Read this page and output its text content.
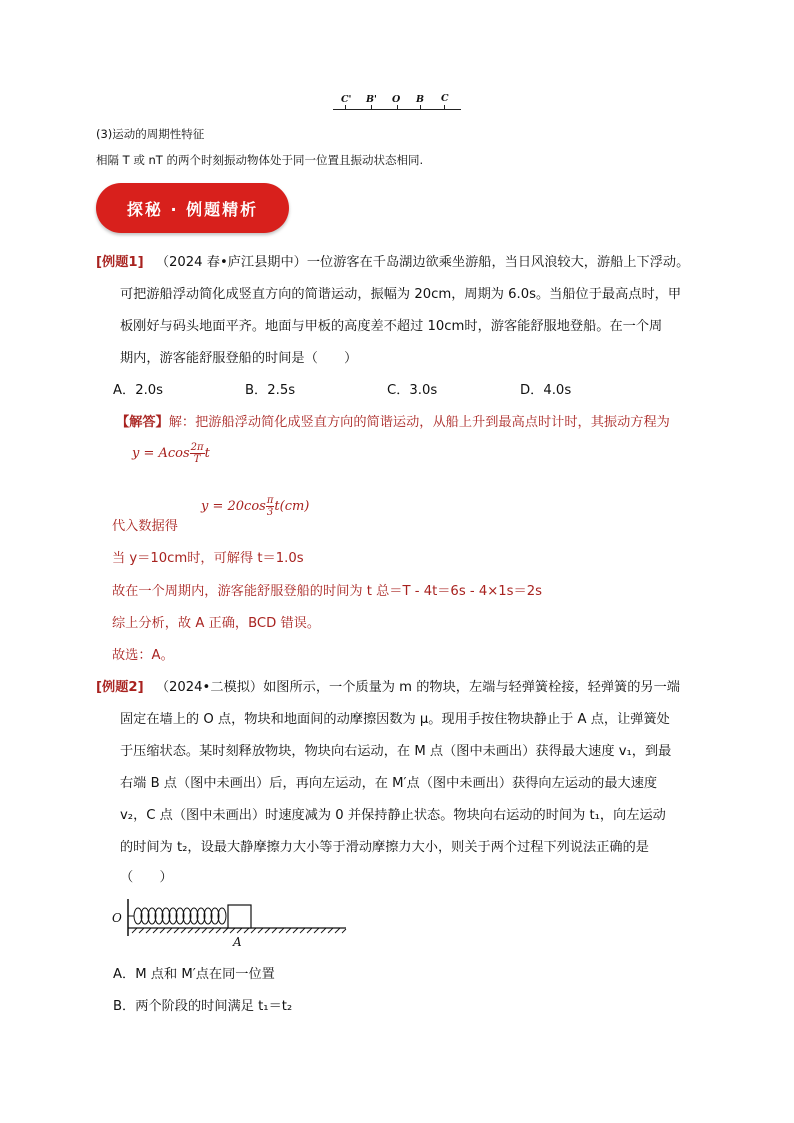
C' B' O B C
(3)运动的周期性特征
相隔 T 或 nT 的两个时刻振动物体处于同一位置且振动状态相同.
探秘 · 例题精析
[例题1] （2024 春•庐江县期中）一位游客在千岛湖边欲乘坐游船，当日风浪较大，游船上下浮动。
可把游船浮动简化成竖直方向的简谐运动，振幅为 20cm，周期为 6.0s。当船位于最高点时，甲
板刚好与码头地面平齐。地面与甲板的高度差不超过 10cm时，游客能舒服地登船。在一个周
期内，游客能舒服登船的时间是（　　）
A．2.0s	B．2.5s	C．3.0s	D．4.0s
【解答】解：把游船浮动简化成竖直方向的简谐运动，从船上升到最高点时计时，其振动方程为
y = Acos $\frac{2\pi}{T}$ t
$y = 20\cos \frac{\pi}{3} t(cm)$
代入数据得
当 y＝10cm时，可解得 t＝1.0s
故在一个周期内，游客能舒服登船的时间为 t 总＝T - 4t＝6s - 4×1s＝2s
综上分析，故 A 正确，BCD 错误。
故选：A。
[例题2] （2024•二模拟）如图所示，一个质量为 m 的物块，左端与轻弹簧栓接，轻弹簧的另一端
固定在墙上的 O 点，物块和地面间的动摩擦因数为 μ。现用手按住物块静止于 A 点，让弹簧处
于压缩状态。某时刻释放物块，物块向右运动，在 M 点（图中未画出）获得最大速度 v₁，到最
右端 B 点（图中未画出）后，再向左运动，在 M′点（图中未画出）获得向左运动的最大速度
v₂，C 点（图中未画出）时速度减为 0 并保持静止状态。物块向右运动的时间为 t₁，向左运动
的时间为 t₂，设最大静摩擦力大小等于滑动摩擦力大小，则关于两个过程下列说法正确的是
（　　）
O
A
A．M 点和 M′点在同一位置
B．两个阶段的时间满足 t₁＝t₂
